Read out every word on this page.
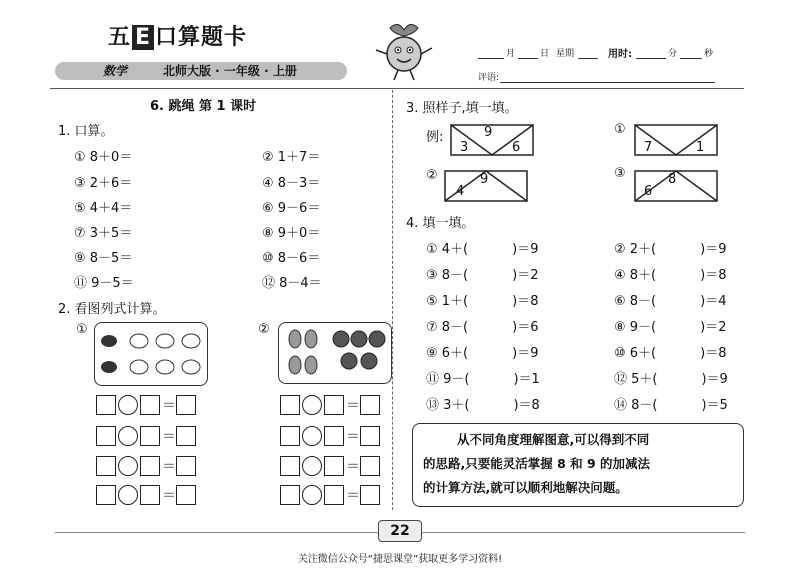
五 E 口算题卡
数学	北师大版 · 一年级 · 上册
月	日 星期	用时:	分	秒
评语:
6. 跳绳 第 1 课时
1. 口算。
① 8＋0＝
③ 2＋6＝
⑤ 4＋4＝
⑦ 3＋5＝
⑨ 8－5＝
⑪ 9－5＝
② 1＋7＝
④ 8－3＝
⑥ 9－6＝
⑧ 9＋0＝
⑩ 8－6＝
⑫ 8－4＝
2. 看图列式计算。
①	②
＝
＝
＝
＝
＝
＝
＝
＝
3. 照样子,填一填。
例:	9
3	6
①
7	1
②
4
9	③
6
8
4. 填一填。
① 4＋(	)＝9
③ 8－(	)＝2
⑤ 1＋(	)＝8
⑦ 8－(	)＝6
⑨ 6＋(	)＝9
⑪ 9－(	)＝1
⑬ 3＋(	)＝8
② 2＋(	)＝9
④ 8＋(	)＝8
⑥ 8－(	)＝4
⑧ 9－(	)＝2
⑩ 6＋(	)＝8
⑫ 5＋(	)＝9
⑭ 8－(	)＝5
从不同角度理解图意,可以得到不同
的思路,只要能灵活掌握 8 和 9 的加减法
的计算方法,就可以顺利地解决问题。
22
关注微信公众号“捷思课堂”获取更多学习资料!
